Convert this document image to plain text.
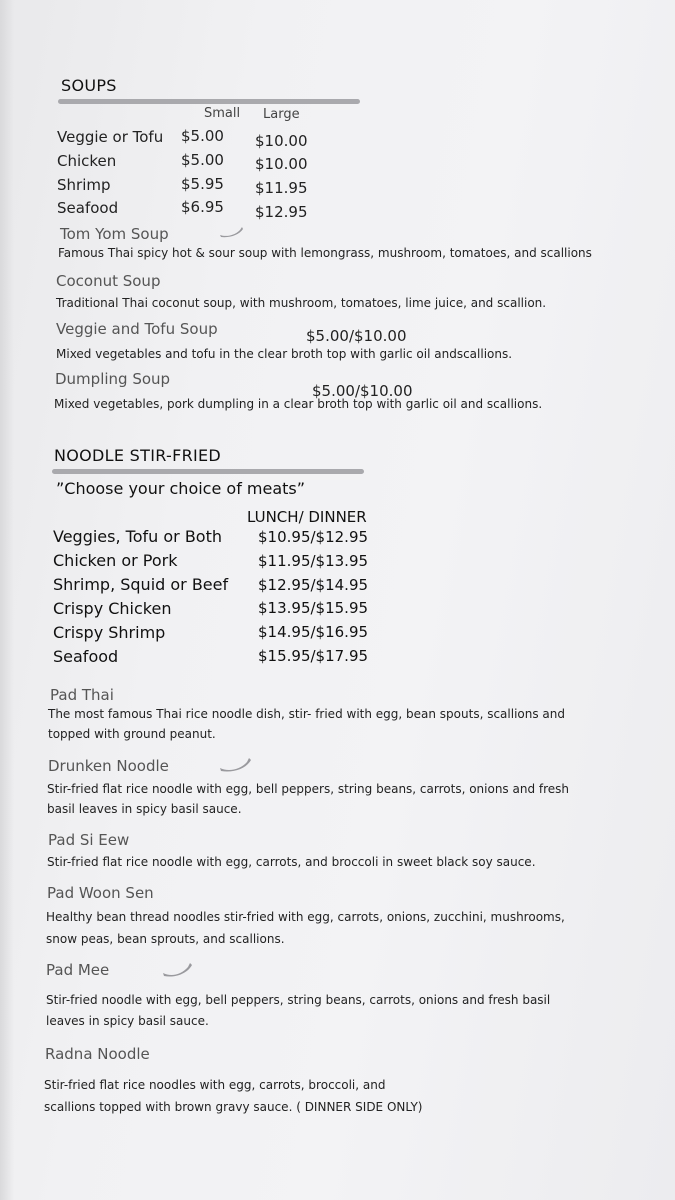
SOUPS
Small Large
Veggie or Tofu $5.00 $10.00
Chicken	$5.00 $10.00
Shrimp	$5.95 $11.95
Seafood	$6.95 $12.95
Tom Yom Soup
Famous Thai spicy hot & sour soup with lemongrass, mushroom, tomatoes, and scallions
Coconut Soup
Traditional Thai coconut soup, with mushroom, tomatoes, lime juice, and scallion.
Veggie and Tofu Soup	$5.00/$10.00
Mixed vegetables and tofu in the clear broth top with garlic oil andscallions.
Dumpling Soup
$5.00/$10.00
Mixed vegetables, pork dumpling in a clear broth top with garlic oil and scallions.
NOODLE STIR-FRIED
”Choose your choice of meats”
LUNCH/ DINNER
Veggies, Tofu or Both $10.95/$12.95
Chicken or Pork	$11.95/$13.95
Shrimp, Squid or Beef $12.95/$14.95
Crispy Chicken	$13.95/$15.95
Crispy Shrimp	$14.95/$16.95
Seafood	$15.95/$17.95
Pad Thai
The most famous Thai rice noodle dish, stir- fried with egg, bean spouts, scallions and
topped with ground peanut.
Drunken Noodle
Stir-fried flat rice noodle with egg, bell peppers, string beans, carrots, onions and fresh
basil leaves in spicy basil sauce.
Pad Si Eew
Stir-fried flat rice noodle with egg, carrots, and broccoli in sweet black soy sauce.
Pad Woon Sen
Healthy bean thread noodles stir-fried with egg, carrots, onions, zucchini, mushrooms,
snow peas, bean sprouts, and scallions.
Pad Mee
Stir-fried noodle with egg, bell peppers, string beans, carrots, onions and fresh basil
leaves in spicy basil sauce.
Radna Noodle
Stir-fried flat rice noodles with egg, carrots, broccoli, and
scallions topped with brown gravy sauce. ( DINNER SIDE ONLY)
